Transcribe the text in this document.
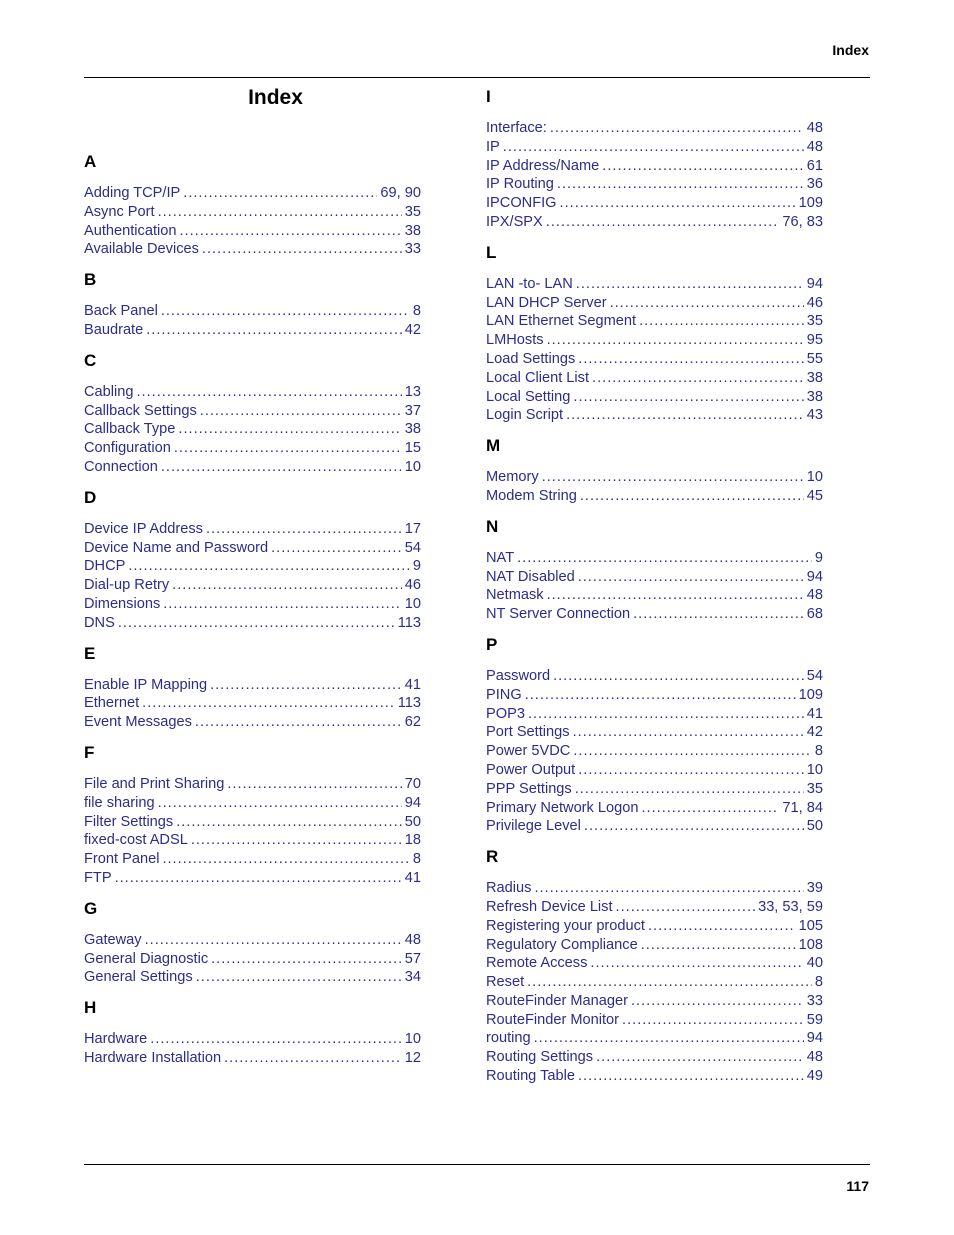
Index
Index
A
Adding TCP/IP .....	69, 90
Async Port .....	35
Authentication .....	38
Available Devices .....	33
B
Back Panel .....	8
Baudrate .....	42
C
Cabling .....	13
Callback Settings .....	37
Callback Type .....	38
Configuration .....	15
Connection .....	10
D
Device IP Address .....	17
Device Name and Password .....	54
DHCP .....	9
Dial-up Retry .....	46
Dimensions .....	10
DNS .....	113
E
Enable IP Mapping .....	41
Ethernet .....	113
Event Messages .....	62
F
File and Print Sharing .....	70
file sharing .....	94
Filter Settings .....	50
fixed-cost ADSL .....	18
Front Panel .....	8
FTP .....	41
G
Gateway .....	48
General Diagnostic .....	57
General Settings .....	34
H
Hardware .....	10
Hardware Installation .....	12
I
Interface: .....	48
IP .....	48
IP Address/Name .....	61
IP Routing .....	36
IPCONFIG .....	109
IPX/SPX .....	76, 83
L
LAN -to- LAN .....	94
LAN DHCP Server .....	46
LAN Ethernet Segment .....	35
LMHosts .....	95
Load Settings .....	55
Local Client List .....	38
Local Setting .....	38
Login Script .....	43
M
Memory .....	10
Modem String .....	45
N
NAT .....	9
NAT Disabled .....	94
Netmask .....	48
NT Server Connection .....	68
P
Password .....	54
PING .....	109
POP3 .....	41
Port Settings .....	42
Power 5VDC .....	8
Power Output .....	10
PPP Settings .....	35
Primary Network Logon .....	71, 84
Privilege Level .....	50
R
Radius .....	39
Refresh Device List .....	33, 53, 59
Registering your product .....	105
Regulatory Compliance .....	108
Remote Access .....	40
Reset .....	8
RouteFinder Manager .....	33
RouteFinder Monitor .....	59
routing .....	94
Routing Settings .....	48
Routing Table .....	49
117
